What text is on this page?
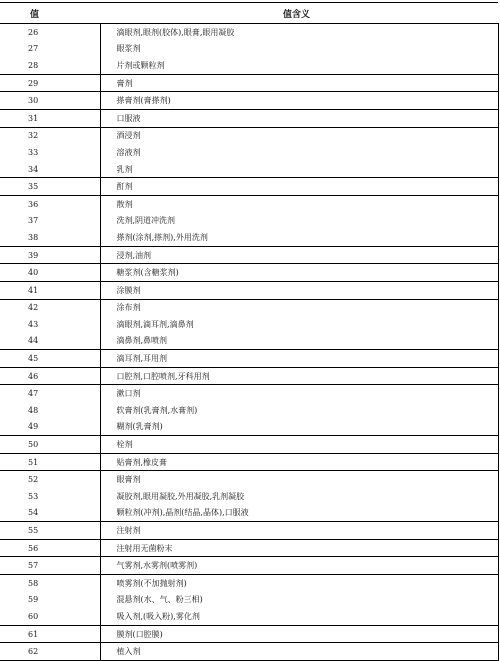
值	值含义
26	滴眼剂,眼剂(胶体),眼膏,眼用凝胶
27	眼浆剂
28	片剂或颗粒剂
29	膏剂
30	搽膏剂(膏搽剂)
31	口服液
32	酒浸剂
33	溶液剂
34	乳剂
35	酊剂
36	散剂
37	洗剂,阴道冲洗剂
38	搽剂(涂剂,搽剂),外用洗剂
39	浸剂,油剂
40	糖浆剂(含糖浆剂)
41	涂膜剂
42	涂布剂
43	滴眼剂,滴耳剂,滴鼻剂
44	滴鼻剂,鼻喷剂
45	滴耳剂,耳用剂
46	口腔剂,口腔喷剂,牙科用剂
47	漱口剂
48	软膏剂(乳膏剂,水膏剂)
49	糊剂(乳膏剂)
50	栓剂
51	贴膏剂,橡皮膏
52	眼膏剂
53	凝胶剂,眼用凝胶,外用凝胶,乳剂凝胶
54	颗粒剂(冲剂),晶剂(结晶,晶体),口服液
55	注射剂
56	注射用无菌粉末
57	气雾剂,水雾剂(喷雾剂)
58	喷雾剂(不加抛射剂)
59	混悬剂(水、气、粉三相)
60	吸入剂,(吸入粉),雾化剂
61	膜剂(口腔膜)
62	植入剂
